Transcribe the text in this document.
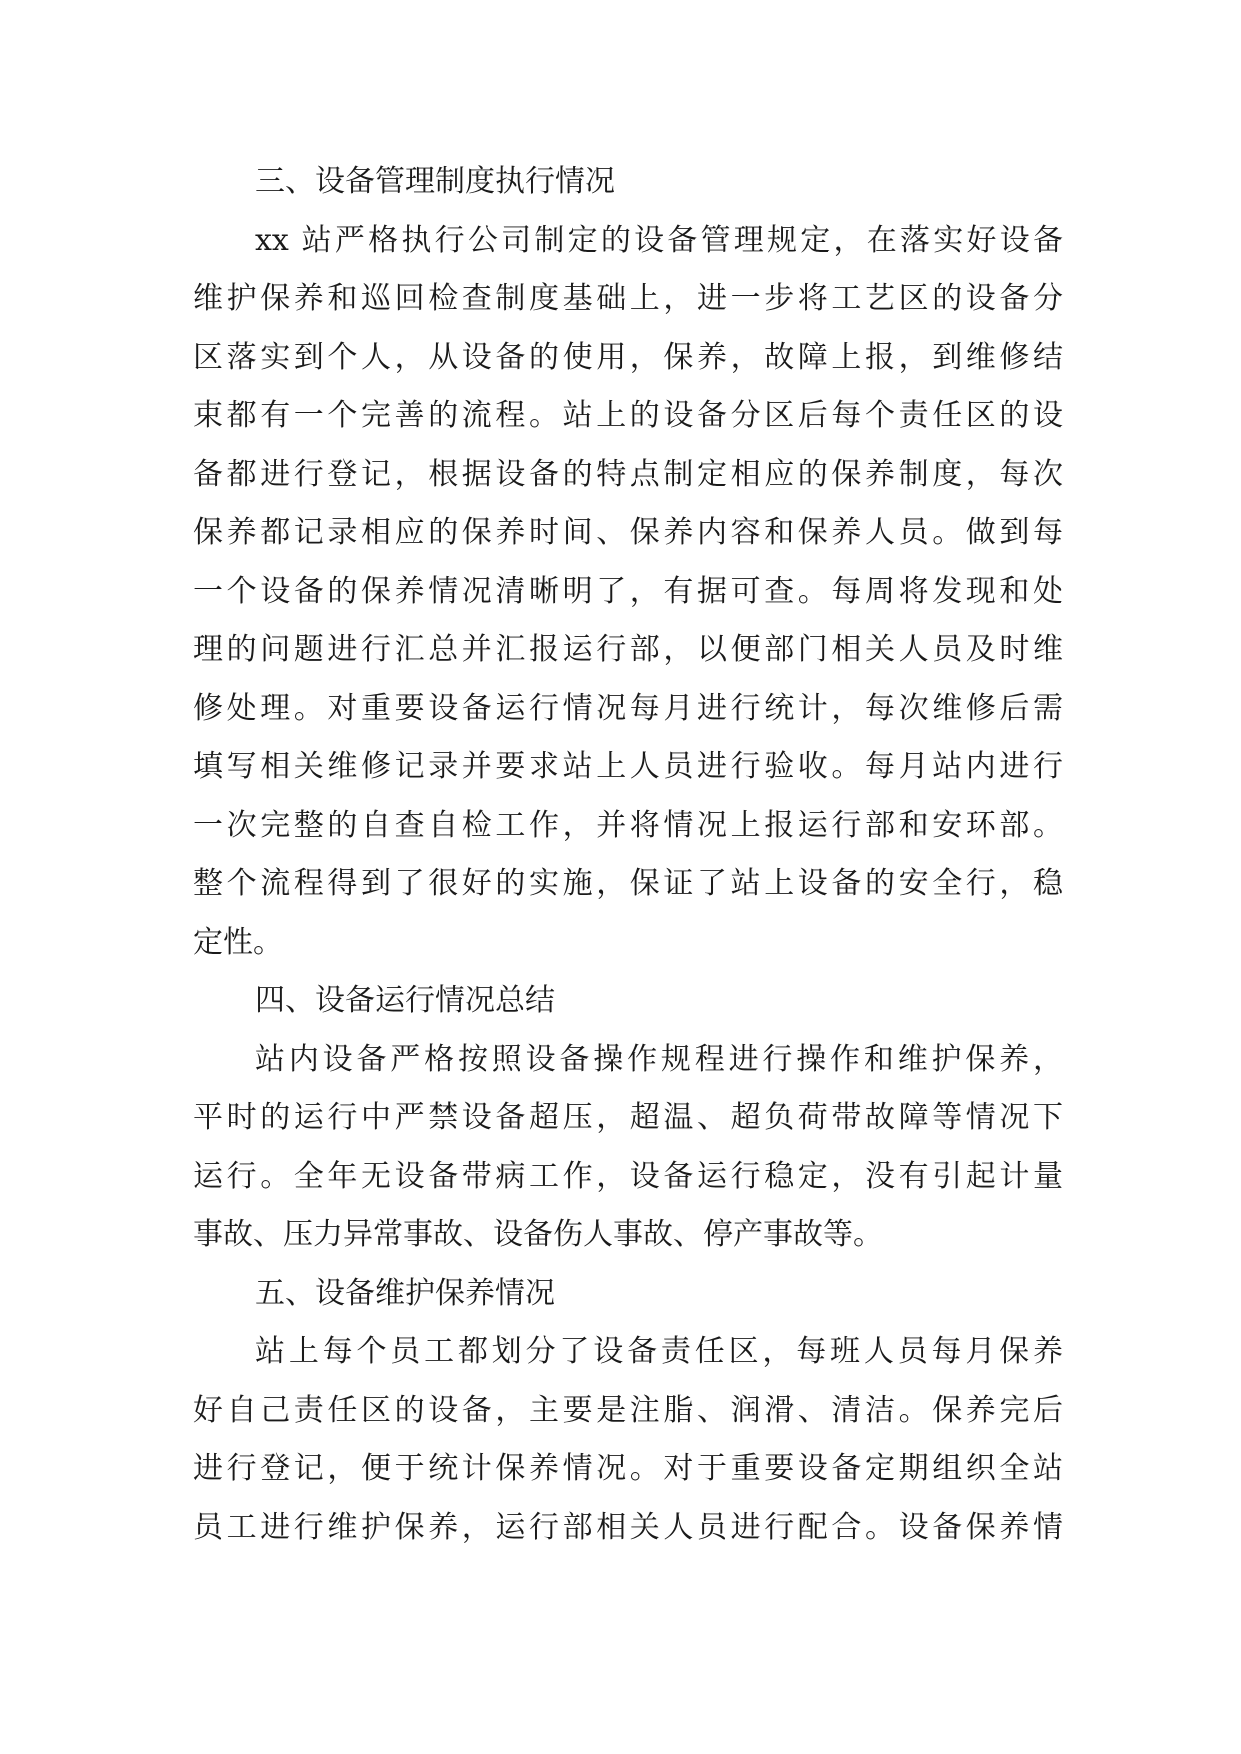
三、设备管理制度执行情况
xx 站严格执行公司制定的设备管理规定，在落实好设备
维护保养和巡回检查制度基础上，进一步将工艺区的设备分
区落实到个人，从设备的使用，保养，故障上报，到维修结
束都有一个完善的流程。站上的设备分区后每个责任区的设
备都进行登记，根据设备的特点制定相应的保养制度，每次
保养都记录相应的保养时间、保养内容和保养人员。做到每
一个设备的保养情况清晰明了，有据可查。每周将发现和处
理的问题进行汇总并汇报运行部，以便部门相关人员及时维
修处理。对重要设备运行情况每月进行统计，每次维修后需
填写相关维修记录并要求站上人员进行验收。每月站内进行
一次完整的自查自检工作，并将情况上报运行部和安环部。
整个流程得到了很好的实施，保证了站上设备的安全行，稳
定性。
四、设备运行情况总结
站内设备严格按照设备操作规程进行操作和维护保养，
平时的运行中严禁设备超压，超温、超负荷带故障等情况下
运行。全年无设备带病工作，设备运行稳定，没有引起计量
事故、压力异常事故、设备伤人事故、停产事故等。
五、设备维护保养情况
站上每个员工都划分了设备责任区，每班人员每月保养
好自己责任区的设备，主要是注脂、润滑、清洁。保养完后
进行登记，便于统计保养情况。对于重要设备定期组织全站
员工进行维护保养，运行部相关人员进行配合。设备保养情
